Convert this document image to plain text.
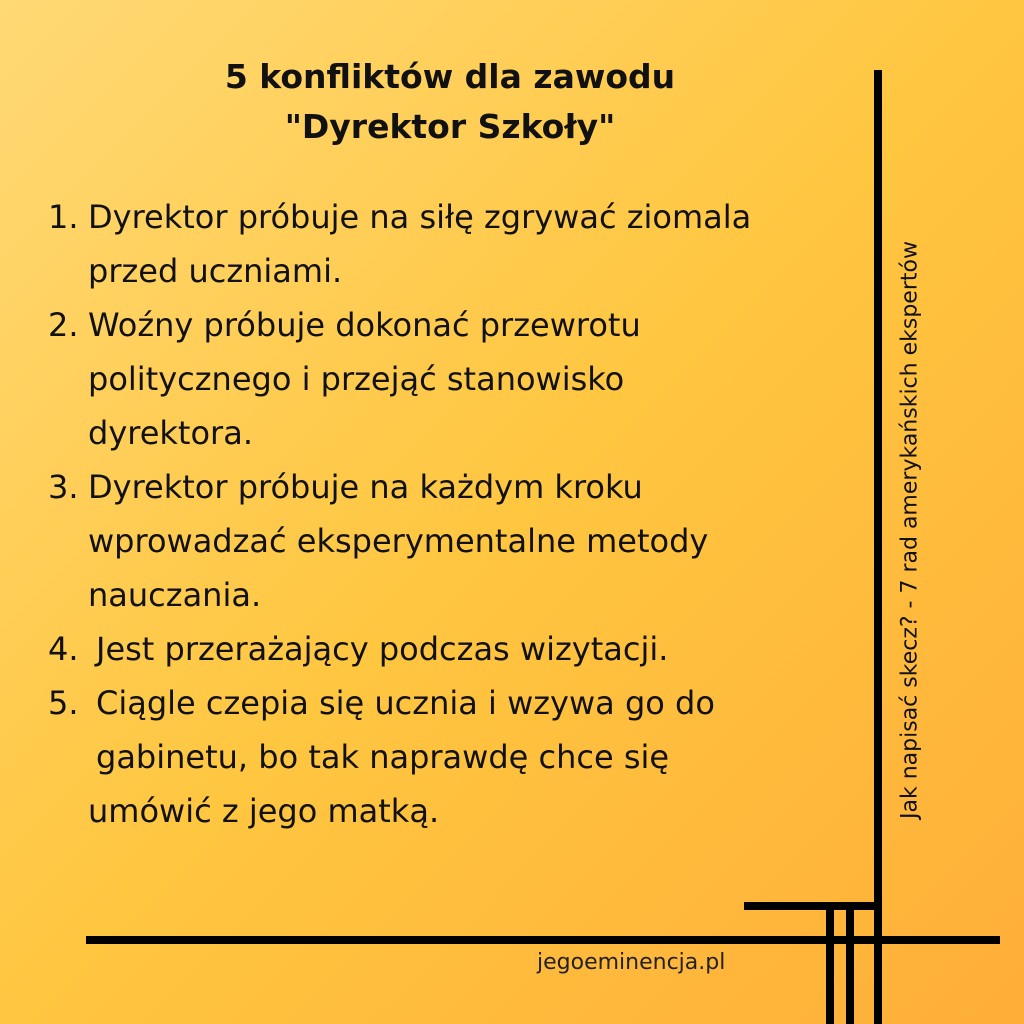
5 konfliktów dla zawodu
"Dyrektor Szkoły"
1. Dyrektor próbuje na siłę zgrywać ziomala
przed uczniami.
2. Woźny próbuje dokonać przewrotu
politycznego i przejąć stanowisko
dyrektora.
3. Dyrektor próbuje na każdym kroku
wprowadzać eksperymentalne metody
nauczania.
4. Jest przerażający podczas wizytacji.
5. Ciągle czepia się ucznia i wzywa go do
gabinetu, bo tak naprawdę chce się
umówić z jego matką.	Jak napisać skecz? - 7 rad amerykańskich ekspertów
jegoeminencja.pl
